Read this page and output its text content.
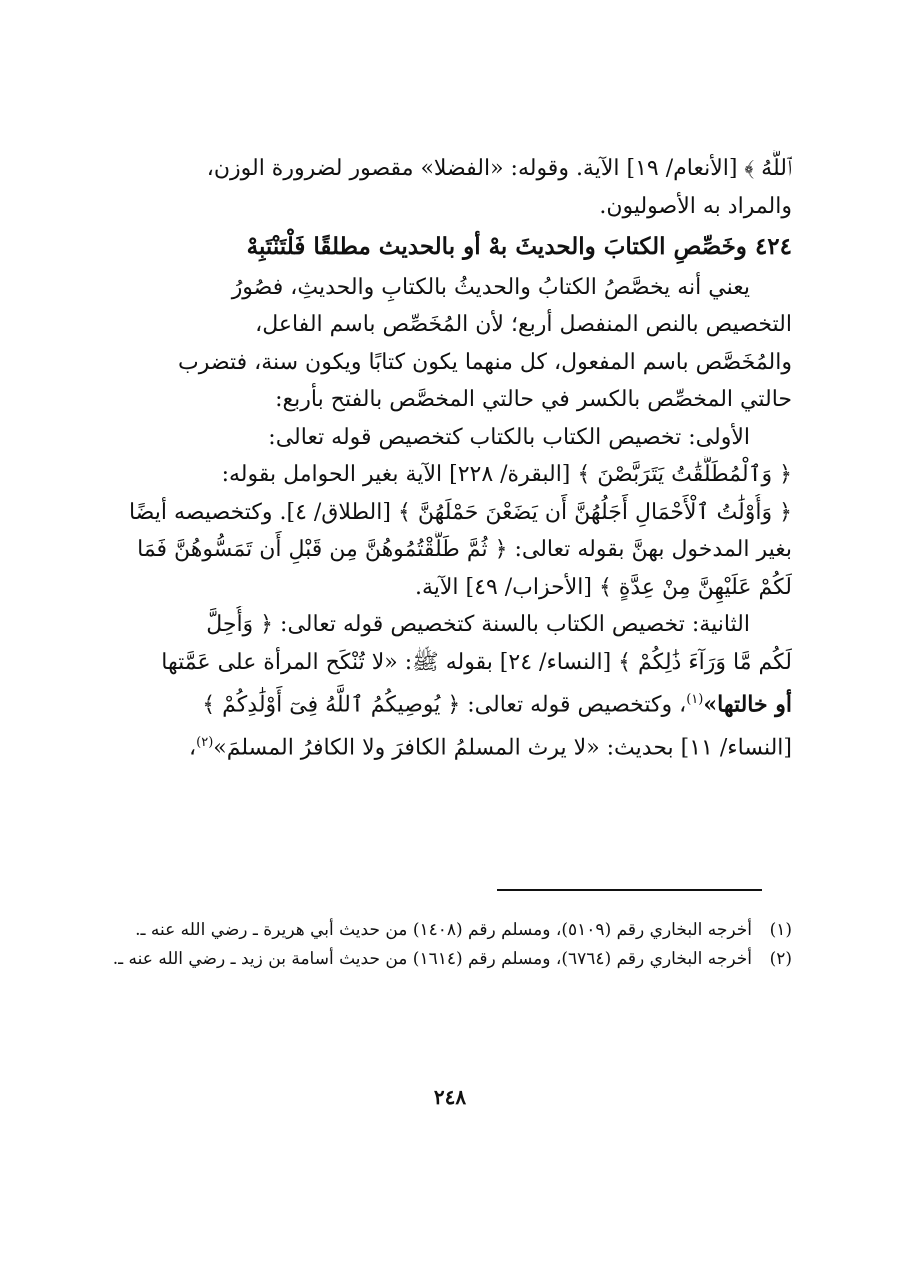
ﭐللَّهُ ﴾ [الأنعام/ ١٩] الآية. وقوله: «الفضلا» مقصور لضرورة الوزن،
والمراد به الأصوليون.
٤٢٤ وخَصِّصِ الكتابَ والحديثَ بهْ أو بالحديث مطلقًا فَلْتَنْتَبِهْ
يعني أنه يخصَّصُ الكتابُ والحديثُ بالكتابِ والحديثِ، فصُورُ
التخصيص بالنص المنفصل أربع؛ لأن المُخَصِّص باسم الفاعل،
والمُخَصَّص باسم المفعول، كل منهما يكون كتابًا ويكون سنة، فتضرب
حالتي المخصِّص بالكسر في حالتي المخصَّص بالفتح بأربع:
الأولى: تخصيص الكتاب بالكتاب كتخصيص قوله تعالى:
﴿ وَٱلْمُطَلَّقَٰتُ يَتَرَبَّصْنَ ﴾ [البقرة/ ٢٢٨] الآية بغير الحوامل بقوله:
﴿ وَأُوْلَٰتُ ٱلْأَحْمَالِ أَجَلُهُنَّ أَن يَضَعْنَ حَمْلَهُنَّ ﴾ [الطلاق/ ٤]. وكتخصيصه أيضًا
بغير المدخول بهنَّ بقوله تعالى: ﴿ ثُمَّ طَلَّقْتُمُوهُنَّ مِن قَبْلِ أَن تَمَسُّوهُنَّ فَمَا
لَكُمْ عَلَيْهِنَّ مِنْ عِدَّةٍ ﴾ [الأحزاب/ ٤٩] الآية.
الثانية: تخصيص الكتاب بالسنة كتخصيص قوله تعالى: ﴿ وَأُحِلَّ
لَكُم مَّا وَرَآءَ ذَٰلِكُمْ ﴾ [النساء/ ٢٤] بقوله ﷺ: «لا تُنْكَح المرأة على عَمَّتها
أو خالتها»$^{(١)}$، وكتخصيص قوله تعالى: ﴿ يُوصِيكُمُ ٱللَّهُ فِىٓ أَوْلَٰدِكُمْ ﴾
[النساء/ ١١] بحديث: «لا يرث المسلمُ الكافرَ ولا الكافرُ المسلمَ»$^{(٢)}$،
(١)
أخرجه البخاري رقم (٥١٠٩)، ومسلم رقم (١٤٠٨) من حديث أبي هريرة ـ رضي الله عنه ـ.
(٢)
أخرجه البخاري رقم (٦٧٦٤)، ومسلم رقم (١٦١٤) من حديث أسامة بن زيد ـ رضي الله عنه ـ.
٢٤٨
